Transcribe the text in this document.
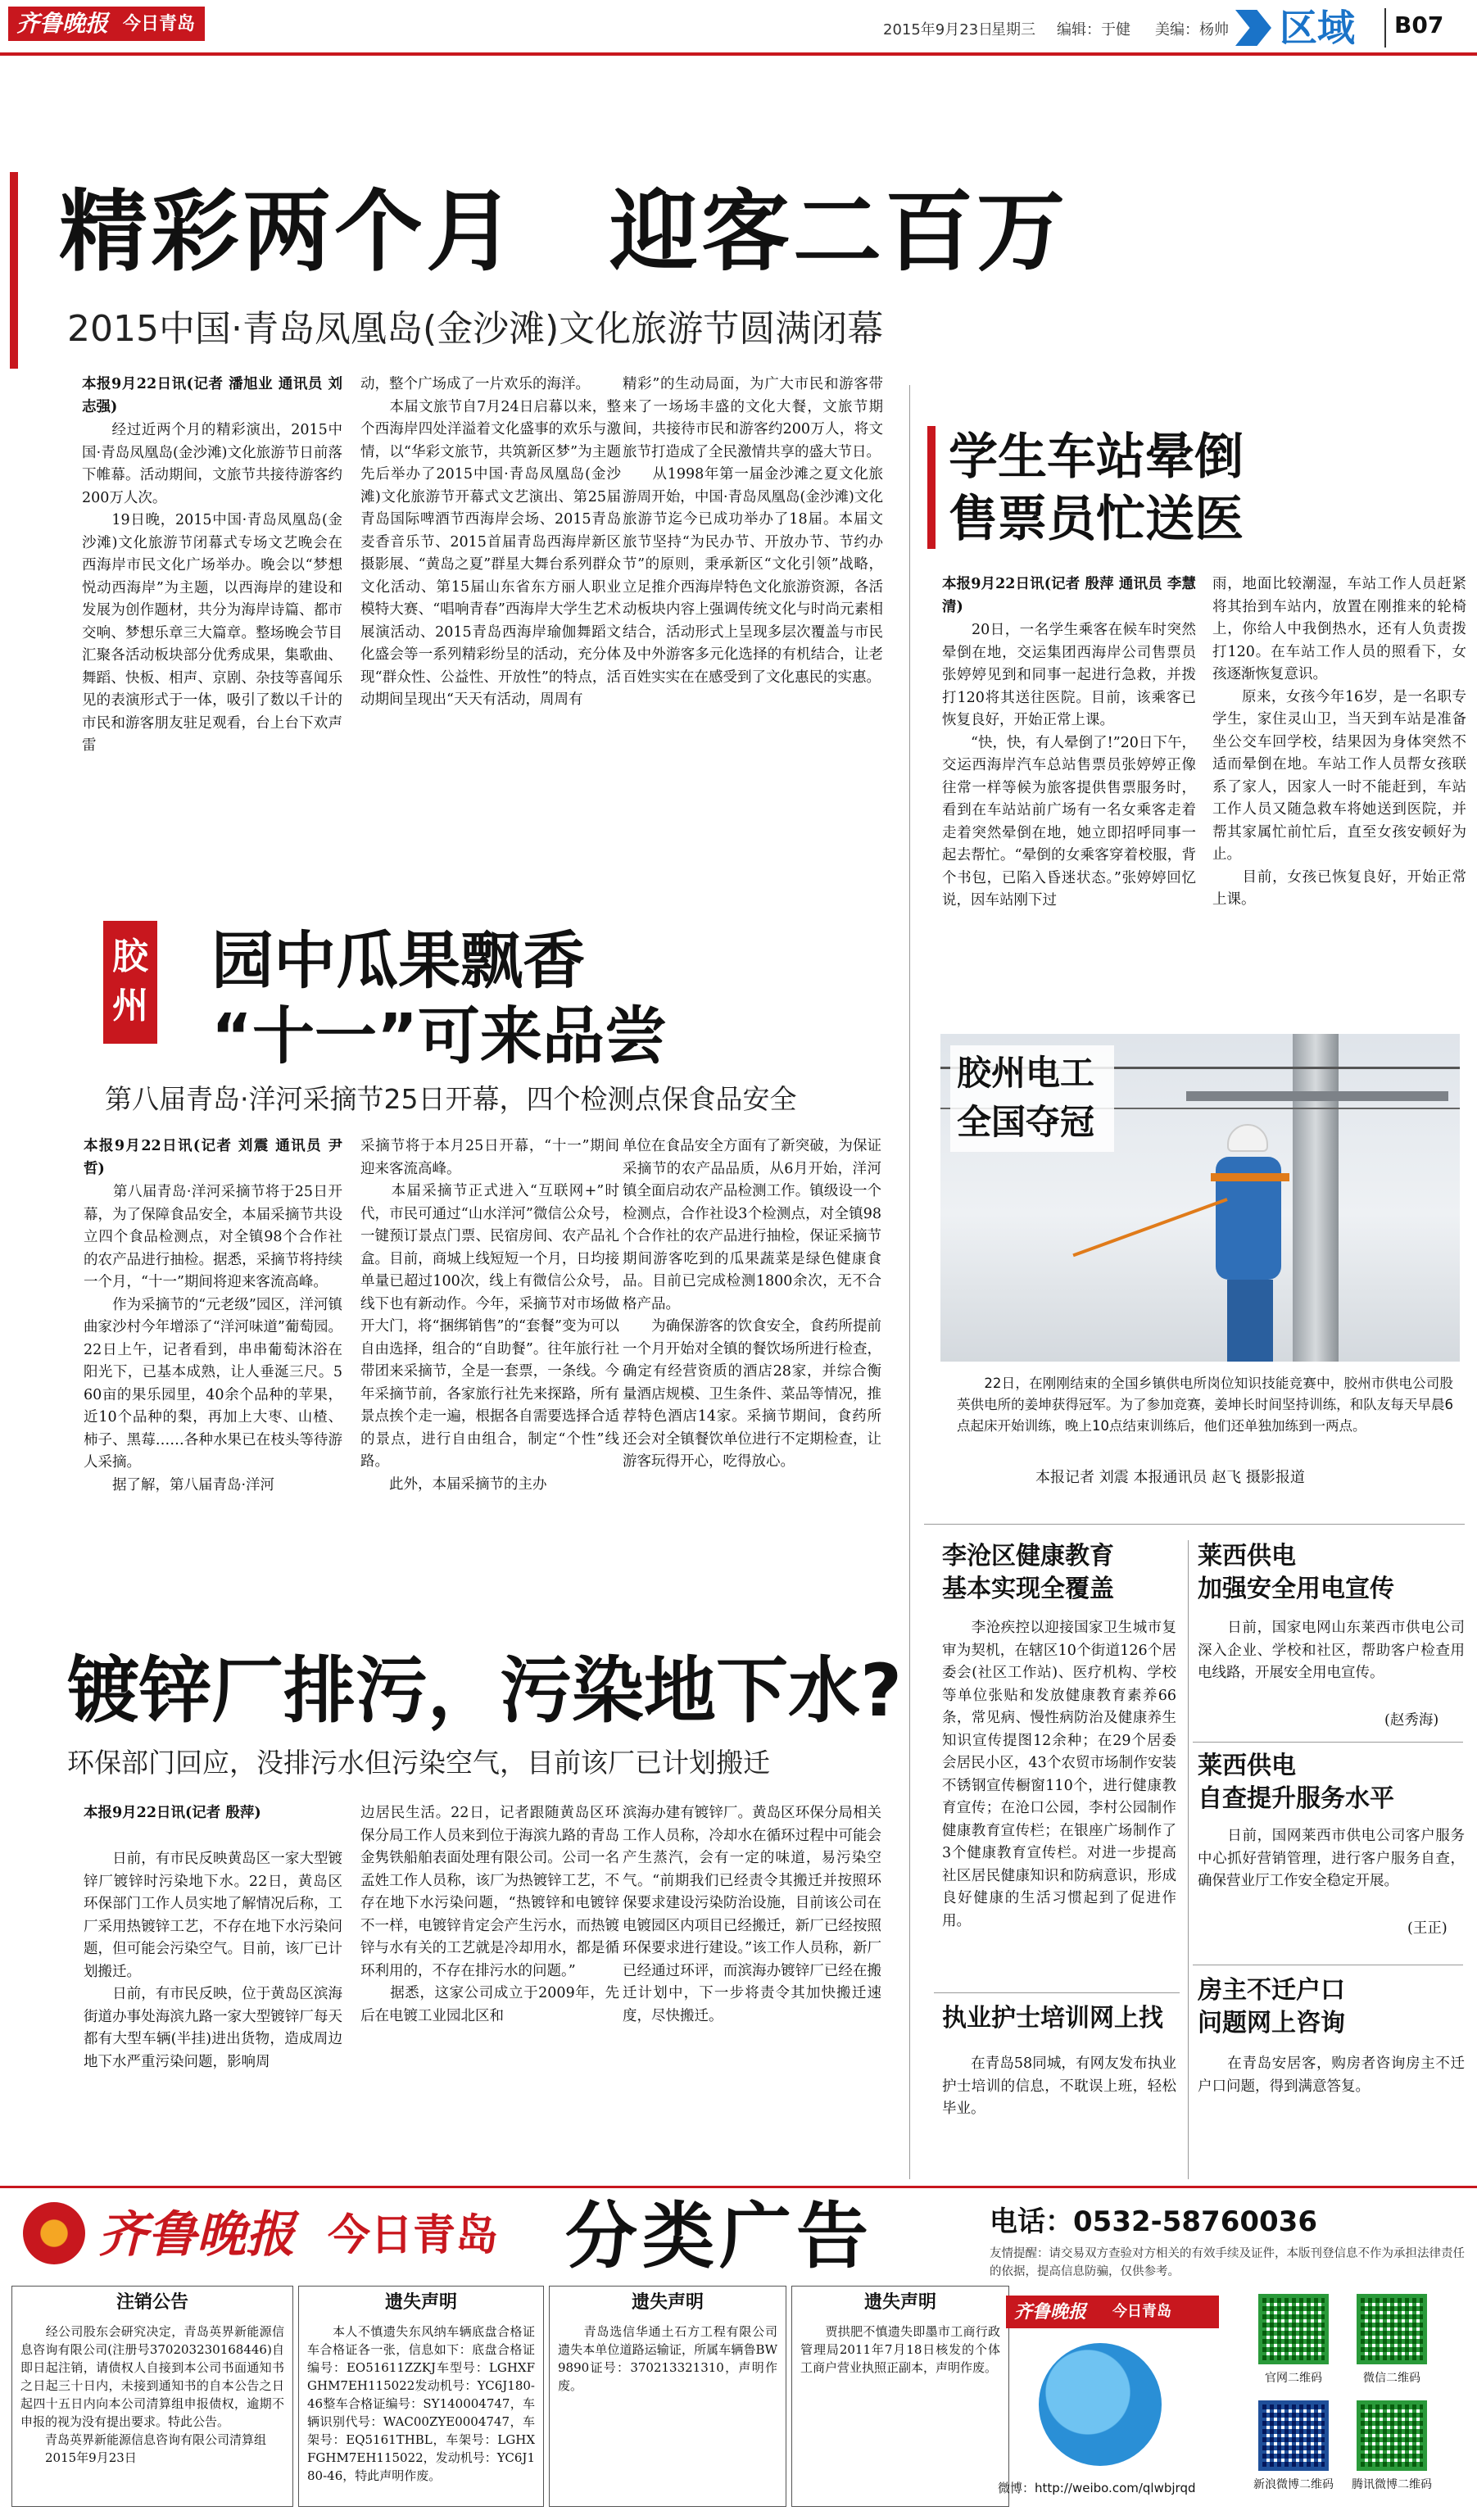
齐鲁晚报 今日青岛	2015年9月23日
星期三 编辑：于健 美编：杨帅 区域 B07
精彩两个月　迎客二百万
2015中国·青岛凤凰岛(金沙滩)文化旅游节圆满闭幕
本报9月22日讯(记者 潘旭业 通讯员 刘志强)
　　经过近两个月的精彩演出，2015中国·青岛凤凰岛(金沙滩)文化旅游节日前落下帷幕。活动期间，文旅节共接待游客约200万人次。
　　19日晚，2015中国·青岛凤凰岛(金沙滩)文化旅游节闭幕式专场文艺晚会在西海岸市民文化广场举办。晚会以“梦想悦动西海岸”为主题，以西海岸的建设和发展为创作题材，共分为海岸诗篇、都市交响、梦想乐章三大篇章。整场晚会节目汇聚各活动板块部分优秀成果，集歌曲、舞蹈、快板、相声、京剧、杂技等喜闻乐见的表演形式于一体，吸引了数以千计的市民和游客朋友驻足观看，台上台下欢声雷
动，整个广场成了一片欢乐的海洋。
　　本届文旅节自7月24日启幕以来，整个西海岸四处洋溢着文化盛事的欢乐与激情，以“华彩文旅节，共筑新区梦”为主题先后举办了2015中国·青岛凤凰岛(金沙滩)文化旅游节开幕式文艺演出、第25届青岛国际啤酒节西海岸会场、2015青岛麦香音乐节、2015首届青岛西海岸新区摄影展、“黄岛之夏”群星大舞台系列群众文化活动、第15届山东省东方丽人职业模特大赛、“唱响青春”西海岸大学生艺术展演活动、2015青岛西海岸瑜伽舞蹈文化盛会等一系列精彩纷呈的活动，充分体现“群众性、公益性、开放性”的特点，活动期间呈现出“天天有活动，周周有
精彩”的生动局面，为广大市民和游客带来了一场场丰盛的文化大餐，文旅节期间，共接待市民和游客约200万人，将文旅节打造成了全民激情共享的盛大节日。
　　从1998年第一届金沙滩之夏文化旅游周开始，中国·青岛凤凰岛(金沙滩)文化旅游节迄今已成功举办了18届。本届文旅节坚持“为民办节、开放办节、节约办节”的原则，秉承新区“文化引领”战略，立足推介西海岸特色文化旅游资源，各活动板块内容上强调传统文化与时尚元素相结合，活动形式上呈现多层次覆盖与市民及中外游客多元化选择的有机结合，让老百姓实实在在感受到了文化惠民的实惠。
胶州
园中瓜果飘香
“十一”可来品尝
第八届青岛·洋河采摘节25日开幕，四个检测点保食品安全
本报9月22日讯(记者 刘震 通讯员 尹哲)
　　第八届青岛·洋河采摘节将于25日开幕，为了保障食品安全，本届采摘节共设立四个食品检测点，对全镇98个合作社的农产品进行抽检。据悉，采摘节将持续一个月，“十一”期间将迎来客流高峰。
　　作为采摘节的“元老级”园区，洋河镇曲家沙村今年增添了“洋河味道”葡萄园。22日上午，记者看到，串串葡萄沐浴在阳光下，已基本成熟，让人垂涎三尺。560亩的果乐园里，40余个品种的苹果，近10个品种的梨，再加上大枣、山楂、柿子、黑莓……各种水果已在枝头等待游人采摘。
　　据了解，第八届青岛·洋河
采摘节将于本月25日开幕，“十一”期间迎来客流高峰。
　　本届采摘节正式进入“互联网+”时代，市民可通过“山水洋河”微信公众号，一键预订景点门票、民宿房间、农产品礼盒。目前，商城上线短短一个月，日均接单量已超过100次，线上有微信公众号，线下也有新动作。今年，采摘节对市场做开大门，将“捆绑销售”的“套餐”变为可以自由选择，组合的“自助餐”。往年旅行社带团来采摘节，全是一套票，一条线。今年采摘节前，各家旅行社先来探路，所有景点挨个走一遍，根据各自需要选择合适的景点，进行自由组合，制定“个性”线路。
　　此外，本届采摘节的主办
单位在食品安全方面有了新突破，为保证采摘节的农产品品质，从6月开始，洋河镇全面启动农产品检测工作。镇级设一个检测点，合作社设3个检测点，对全镇98个合作社的农产品进行抽检，保证采摘节期间游客吃到的瓜果蔬菜是绿色健康食品。目前已完成检测1800余次，无不合格产品。
　　为确保游客的饮食安全，食药所提前一个月开始对全镇的餐饮场所进行检查，确定有经营资质的酒店28家，并综合衡量酒店规模、卫生条件、菜品等情况，推荐特色酒店14家。采摘节期间，食药所还会对全镇餐饮单位进行不定期检查，让游客玩得开心，吃得放心。
镀锌厂排污，污染地下水?
环保部门回应，没排污水但污染空气，目前该厂已计划搬迁
本报9月22日讯(记者 殷萍)
　　日前，有市民反映黄岛区一家大型镀锌厂镀锌时污染地下水。22日，黄岛区环保部门工作人员实地了解情况后称，工厂采用热镀锌工艺，不存在地下水污染问题，但可能会污染空气。目前，该厂已计划搬迁。
　　日前，有市民反映，位于黄岛区滨海街道办事处海滨九路一家大型镀锌厂每天都有大型车辆(半挂)进出货物，造成周边地下水严重污染问题，影响周
边居民生活。22日，记者跟随黄岛区环保分局工作人员来到位于海滨九路的青岛金隽铁船舶表面处理有限公司。公司一名孟姓工作人员称，该厂为热镀锌工艺，不存在地下水污染问题，“热镀锌和电镀锌不一样，电镀锌肯定会产生污水，而热镀锌与水有关的工艺就是冷却用水，都是循环利用的，不存在排污水的问题。”
　　据悉，这家公司成立于2009年，先后在电镀工业园北区和
滨海办建有镀锌厂。黄岛区环保分局相关工作人员称，冷却水在循环过程中可能会产生蒸汽，会有一定的味道，易污染空气。“前期我们已经责令其搬迁并按照环保要求建设污染防治设施，目前该公司在电镀园区内项目已经搬迁，新厂已经按照环保要求进行建设。”该工作人员称，新厂已经通过环评，而滨海办镀锌厂已经在搬迁计划中，下一步将责令其加快搬迁速度，尽快搬迁。
学生车站晕倒
售票员忙送医
本报9月22日讯(记者 殷萍 通讯员 李慧清)
　　20日，一名学生乘客在候车时突然晕倒在地，交运集团西海岸公司售票员张婷婷见到和同事一起进行急救，并拨打120将其送往医院。目前，该乘客已恢复良好，开始正常上课。
　　“快，快，有人晕倒了!”20日下午，交运西海岸汽车总站售票员张婷婷正像往常一样等候为旅客提供售票服务时，看到在车站站前广场有一名女乘客走着走着突然晕倒在地，她立即招呼同事一起去帮忙。“晕倒的女乘客穿着校服，背个书包，已陷入昏迷状态。”张婷婷回忆说，因车站刚下过
雨，地面比较潮湿，车站工作人员赶紧将其抬到车站内，放置在刚推来的轮椅上，你给人中我倒热水，还有人负责拨打120。在车站工作人员的照看下，女孩逐渐恢复意识。
　　原来，女孩今年16岁，是一名职专学生，家住灵山卫，当天到车站是准备坐公交车回学校，结果因为身体突然不适而晕倒在地。车站工作人员帮女孩联系了家人，因家人一时不能赶到，车站工作人员又随急救车将她送到医院，并帮其家属忙前忙后，直至女孩安顿好为止。
　　目前，女孩已恢复良好，开始正常上课。
胶州电工
全国夺冠
　　22日，在刚刚结束的全国乡镇供电所岗位知识技能竞赛中，胶州市供电公司股英供电所的姜坤获得冠军。为了参加竞赛，姜坤长时间坚持训练，和队友每天早晨6点起床开始训练，晚上10点结束训练后，他们还单独加练到一两点。
本报记者 刘震 本报通讯员 赵飞 摄影报道
李沧区健康教育
基本实现全覆盖
　　李沧疾控以迎接国家卫生城市复审为契机，在辖区10个街道126个居委会(社区工作站)、医疗机构、学校等单位张贴和发放健康教育素养66条，常见病、慢性病防治及健康养生知识宣传提图12余种；在29个居委会居民小区，43个农贸市场制作安装不锈钢宣传橱窗110个，进行健康教育宣传；在沧口公园，李村公园制作健康教育宣传栏；在银座广场制作了3个健康教育宣传栏。对进一步提高社区居民健康知识和防病意识，形成良好健康的生活习惯起到了促进作用。
执业护士培训网上找
　　在青岛58同城，有网友发布执业护士培训的信息，不耽误上班，轻松毕业。
莱西供电
加强安全用电宣传
　　日前，国家电网山东莱西市供电公司深入企业、学校和社区，帮助客户检查用电线路，开展安全用电宣传。
(赵秀海)
莱西供电
自查提升服务水平
　　日前，国网莱西市供电公司客户服务中心抓好营销管理，进行客户服务自查，确保营业厅工作安全稳定开展。
(王正)
房主不迁户口
问题网上咨询
　　在青岛安居客，购房者咨询房主不迁户口问题，得到满意答复。
齐鲁晚报 今日青岛 分类广告	电话：0532-58760036
友情提醒：请交易双方查验对方相关的有效手续及证件，本版刊登信息不作为承担法律责任的依据，提高信息防骗，仅供参考。
注销公告
　　经公司股东会研究决定，青岛英界新能源信息咨询有限公司(注册号370203230168446)自即日起注销，请债权人自接到本公司书面通知书之日起三十日内，未接到通知书的自本公告之日起四十五日内向本公司清算组申报债权，逾期不申报的视为没有提出要求。特此公告。
　　青岛英界新能源信息咨询有限公司清算组
　　2015年9月23日
遗失声明
　　本人不慎遗失东风纳车辆底盘合格证车合格证各一张，信息如下：底盘合格证编号：EO51611ZZKJ车型号：LGHXFGHM7EH115022发动机号：YC6J180-46整车合格证编号：SY140004747，车辆识别代号：WAC00ZYE0004747，车架号：EQ5161THBL，车架号：LGHXFGHM7EH115022，发动机号：YC6J180-46，特此声明作废。
遗失声明
　　青岛选信华通土石方工程有限公司遗失本单位道路运输证，所属车辆鲁BW9890证号：370213321310，声明作废。
遗失声明
　　贾拱肥不慎遗失即墨市工商行政管理局2011年7月18日核发的个体工商户营业执照正副本，声明作废。
齐鲁晚报 今日青岛
微博：http://weibo.com/qlwbjrqd
官网二维码	微信二维码
新浪微博二维码	腾讯微博二维码
